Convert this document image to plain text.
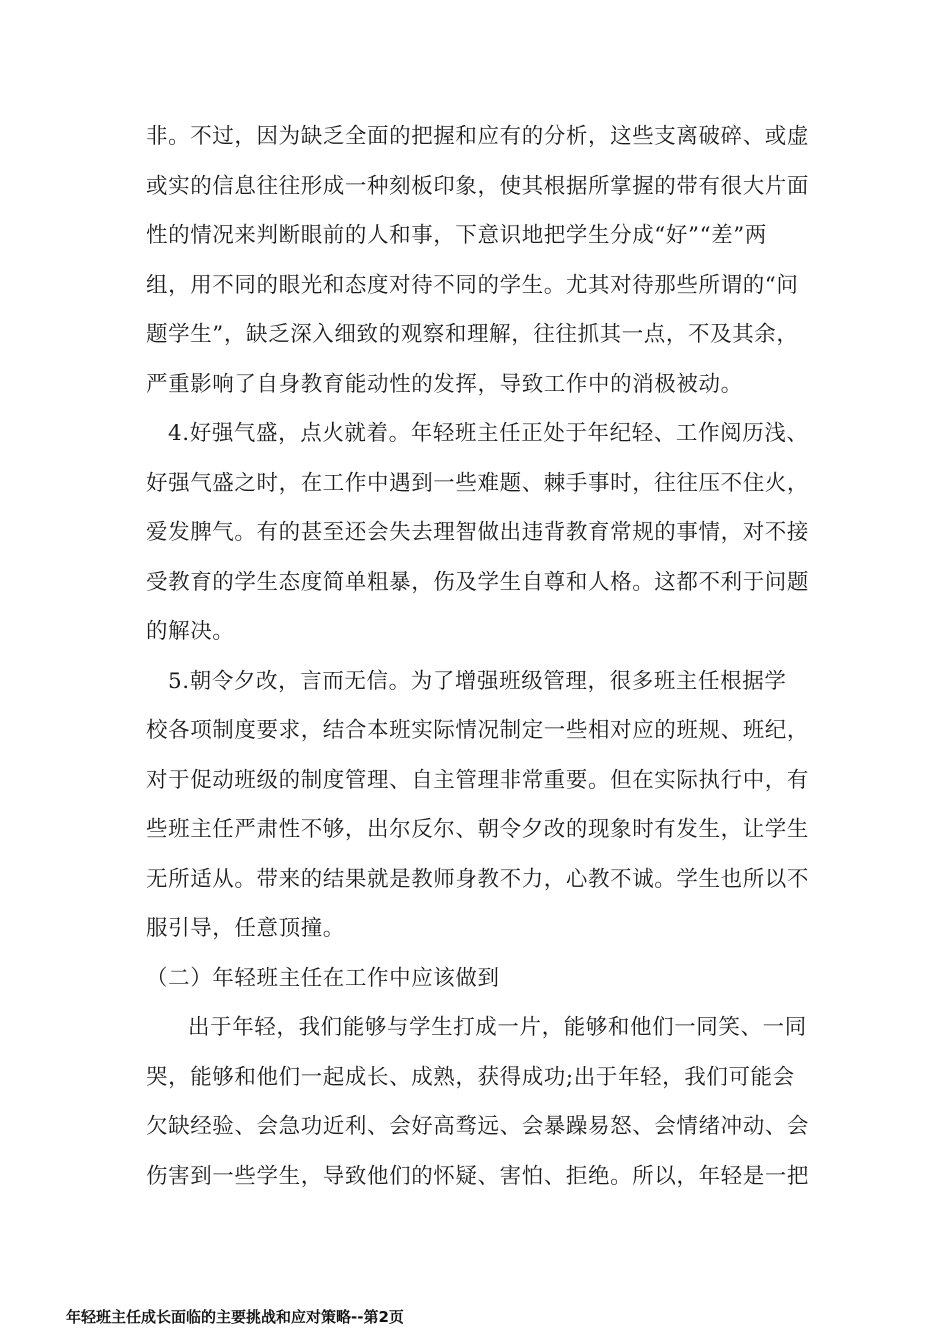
非。不过，因为缺乏全面的把握和应有的分析，这些支离破碎、或虚
或实的信息往往形成一种刻板印象，使其根据所掌握的带有很大片面
性的情况来判断眼前的人和事，下意识地把学生分成“好”“差”两
组，用不同的眼光和态度对待不同的学生。尤其对待那些所谓的“问
题学生”，缺乏深入细致的观察和理解，往往抓其一点，不及其余，
严重影响了自身教育能动性的发挥，导致工作中的消极被动。
4.好强气盛，点火就着。年轻班主任正处于年纪轻、工作阅历浅、
好强气盛之时，在工作中遇到一些难题、棘手事时，往往压不住火，
爱发脾气。有的甚至还会失去理智做出违背教育常规的事情，对不接
受教育的学生态度简单粗暴，伤及学生自尊和人格。这都不利于问题
的解决。
5.朝令夕改，言而无信。为了增强班级管理，很多班主任根据学
校各项制度要求，结合本班实际情况制定一些相对应的班规、班纪，
对于促动班级的制度管理、自主管理非常重要。但在实际执行中，有
些班主任严肃性不够，出尔反尔、朝令夕改的现象时有发生，让学生
无所适从。带来的结果就是教师身教不力，心教不诚。学生也所以不
服引导，任意顶撞。
（二）年轻班主任在工作中应该做到
出于年轻，我们能够与学生打成一片，能够和他们一同笑、一同
哭，能够和他们一起成长、成熟，获得成功;出于年轻，我们可能会
欠缺经验、会急功近利、会好高骛远、会暴躁易怒、会情绪冲动、会
伤害到一些学生，导致他们的怀疑、害怕、拒绝。所以，年轻是一把
年轻班主任成长面临的主要挑战和应对策略--第2页
